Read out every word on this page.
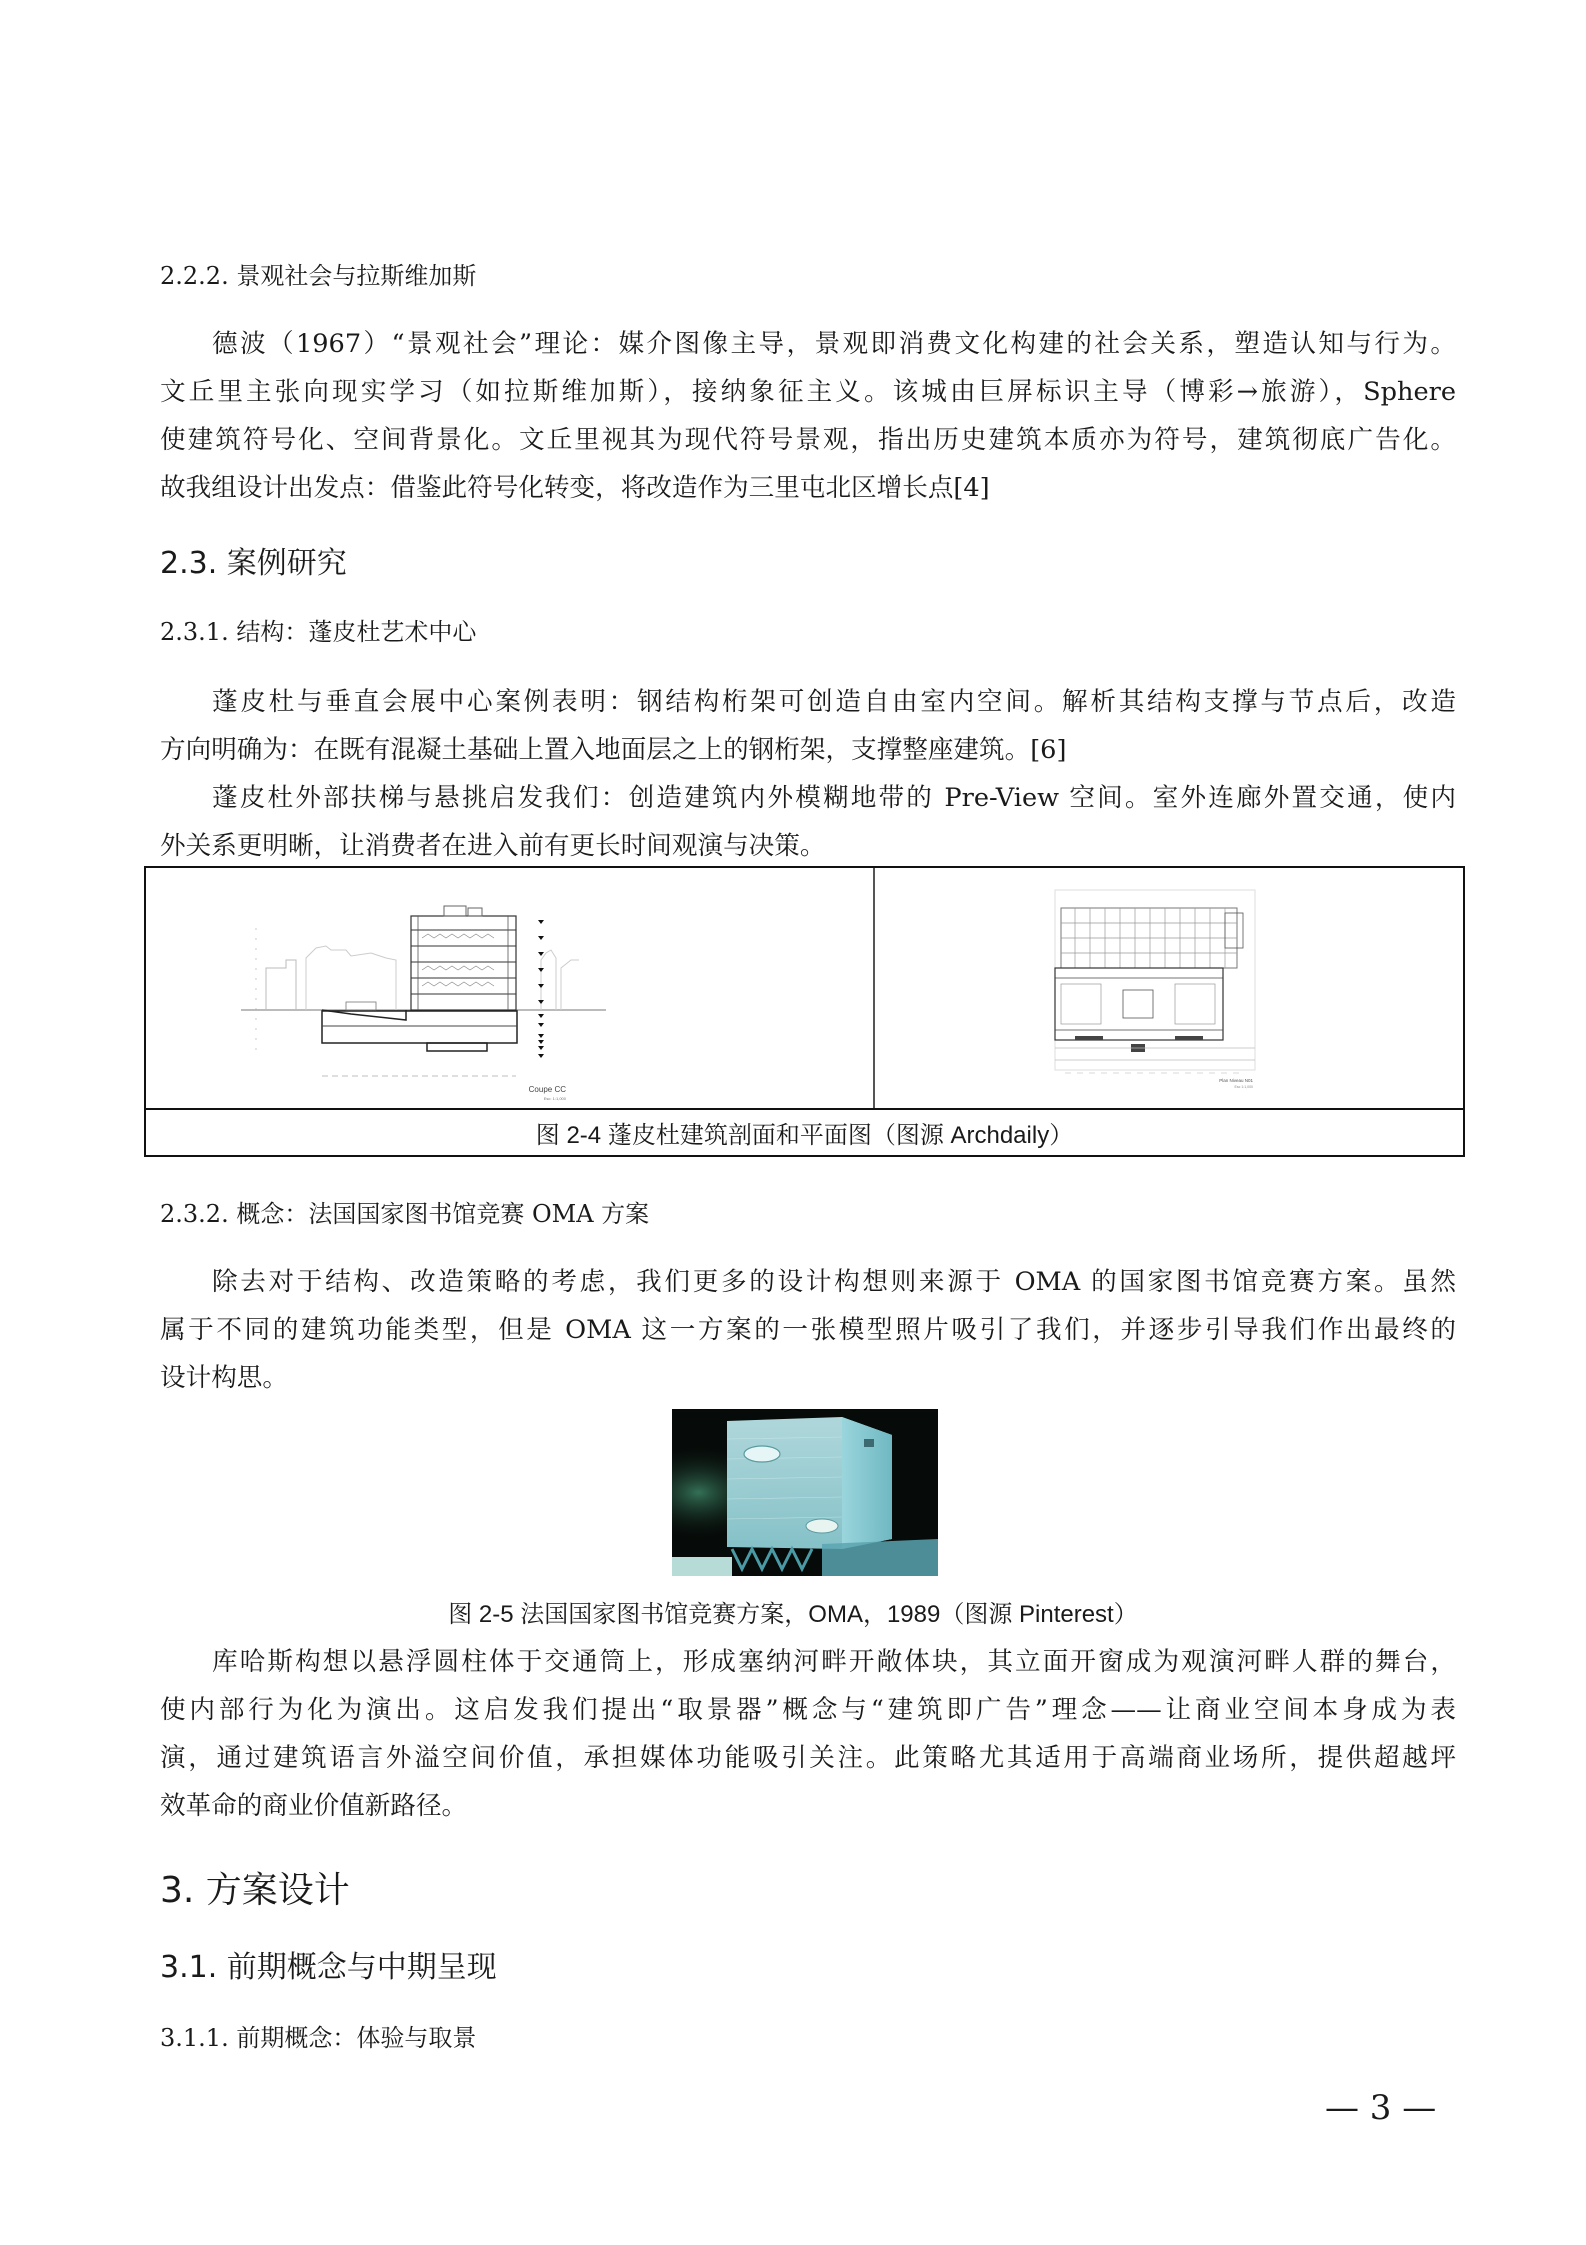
2.2.2. 景观社会与拉斯维加斯
德波（1967）“景观社会”理论：媒介图像主导，景观即消费文化构建的社会关系，塑造认知与行为。
文丘里主张向现实学习（如拉斯维加斯），接纳象征主义。该城由巨屏标识主导（博彩→旅游），Sphere
使建筑符号化、空间背景化。文丘里视其为现代符号景观，指出历史建筑本质亦为符号，建筑彻底广告化。
故我组设计出发点：借鉴此符号化转变，将改造作为三里屯北区增长点[4]
2.3. 案例研究
2.3.1. 结构：蓬皮杜艺术中心
蓬皮杜与垂直会展中心案例表明：钢结构桁架可创造自由室内空间。解析其结构支撑与节点后，改造
方向明确为：在既有混凝土基础上置入地面层之上的钢桁架，支撑整座建筑。[6]
蓬皮杜外部扶梯与悬挑启发我们：创造建筑内外模糊地带的 Pre-View 空间。室外连廊外置交通，使内
外关系更明晰，让消费者在进入前有更长时间观演与决策。
Coupe CC
Esc: 1:1,000
Plan Niveau N01
Esc 1:1,000
图 2-4 蓬皮杜建筑剖面和平面图（图源 Archdaily）
2.3.2. 概念：法国国家图书馆竞赛 OMA 方案
除去对于结构、改造策略的考虑，我们更多的设计构想则来源于 OMA 的国家图书馆竞赛方案。虽然
属于不同的建筑功能类型，但是 OMA 这一方案的一张模型照片吸引了我们，并逐步引导我们作出最终的
设计构思。
图 2-5 法国国家图书馆竞赛方案，OMA，1989（图源 Pinterest）
库哈斯构想以悬浮圆柱体于交通筒上，形成塞纳河畔开敞体块，其立面开窗成为观演河畔人群的舞台，
使内部行为化为演出。这启发我们提出“取景器”概念与“建筑即广告”理念——让商业空间本身成为表
演，通过建筑语言外溢空间价值，承担媒体功能吸引关注。此策略尤其适用于高端商业场所，提供超越坪
效革命的商业价值新路径。
3. 方案设计
3.1. 前期概念与中期呈现
3.1.1. 前期概念：体验与取景
— 3 —
